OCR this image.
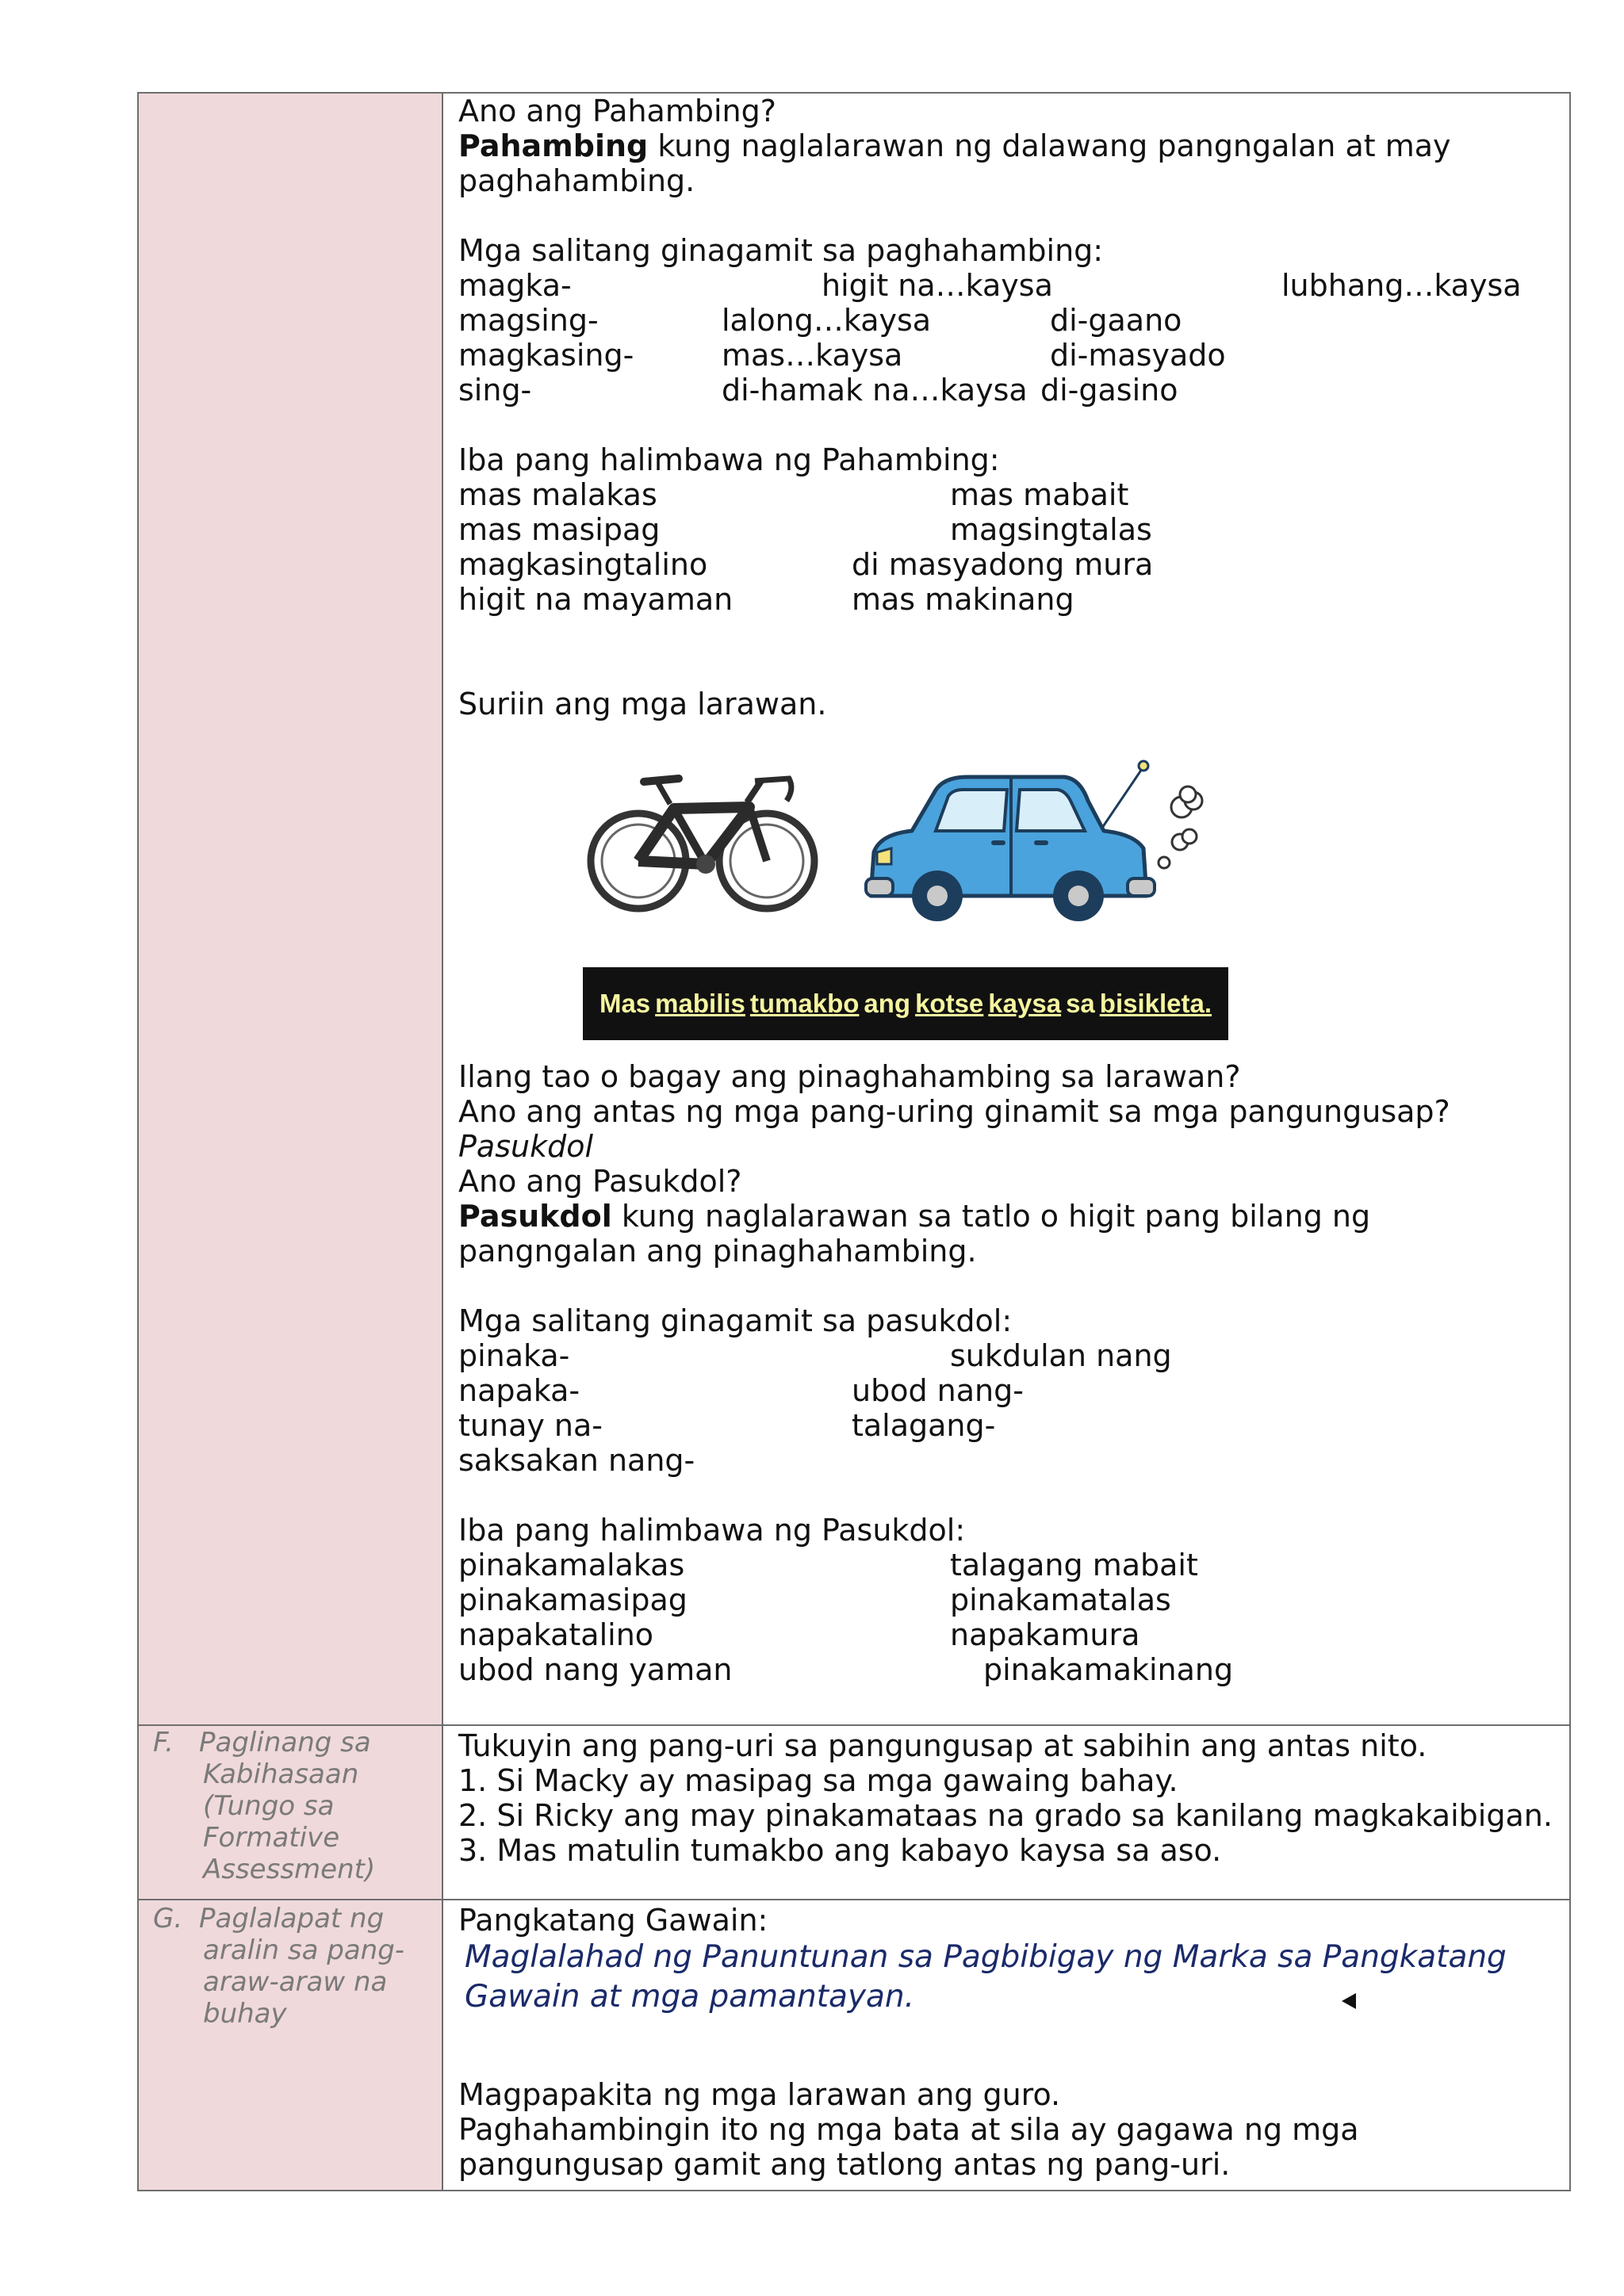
Ano ang Pahambing?
Pahambing kung naglalarawan ng dalawang pangngalan at may
paghahambing.
Mga salitang ginagamit sa paghahambing:
magka-	higit na…kaysa	lubhang…kaysa
magsing-	lalong…kaysa	di-gaano
magkasing-	mas…kaysa	di-masyado
sing-	di-hamak na…kaysa di-gasino
Iba pang halimbawa ng Pahambing:
mas malakas	mas mabait
mas masipag	magsingtalas
magkasingtalino	di masyadong mura
higit na mayaman	mas makinang
Suriin ang mga larawan.
Mas mabilis tumakbo ang kotse kaysa sa bisikleta.
Ilang tao o bagay ang pinaghahambing sa larawan?
Ano ang antas ng mga pang-uring ginamit sa mga pangungusap?
Pasukdol
Ano ang Pasukdol?
Pasukdol kung naglalarawan sa tatlo o higit pang bilang ng
pangngalan ang pinaghahambing.
Mga salitang ginagamit sa pasukdol:
pinaka-	sukdulan nang
napaka-	ubod nang-
tunay na-	talagang-
saksakan nang-
Iba pang halimbawa ng Pasukdol:
pinakamalakas	talagang mabait
pinakamasipag	pinakamatalas
napakatalino	napakamura
ubod nang yaman	pinakamakinang
F. Paglinang sa
Kabihasaan
(Tungo sa
Formative
Assessment)
Tukuyin ang pang-uri sa pangungusap at sabihin ang antas nito.
1. Si Macky ay masipag sa mga gawaing bahay.
2. Si Ricky ang may pinakamataas na grado sa kanilang magkakaibigan.
3. Mas matulin tumakbo ang kabayo kaysa sa aso.
G. Paglalapat ng
aralin sa pang-
araw-araw na
buhay
Pangkatang Gawain:
Maglalahad ng Panuntunan sa Pagbibigay ng Marka sa Pangkatang
Gawain at mga pamantayan.
Magpapakita ng mga larawan ang guro.
Paghahambingin ito ng mga bata at sila ay gagawa ng mga
pangungusap gamit ang tatlong antas ng pang-uri.
